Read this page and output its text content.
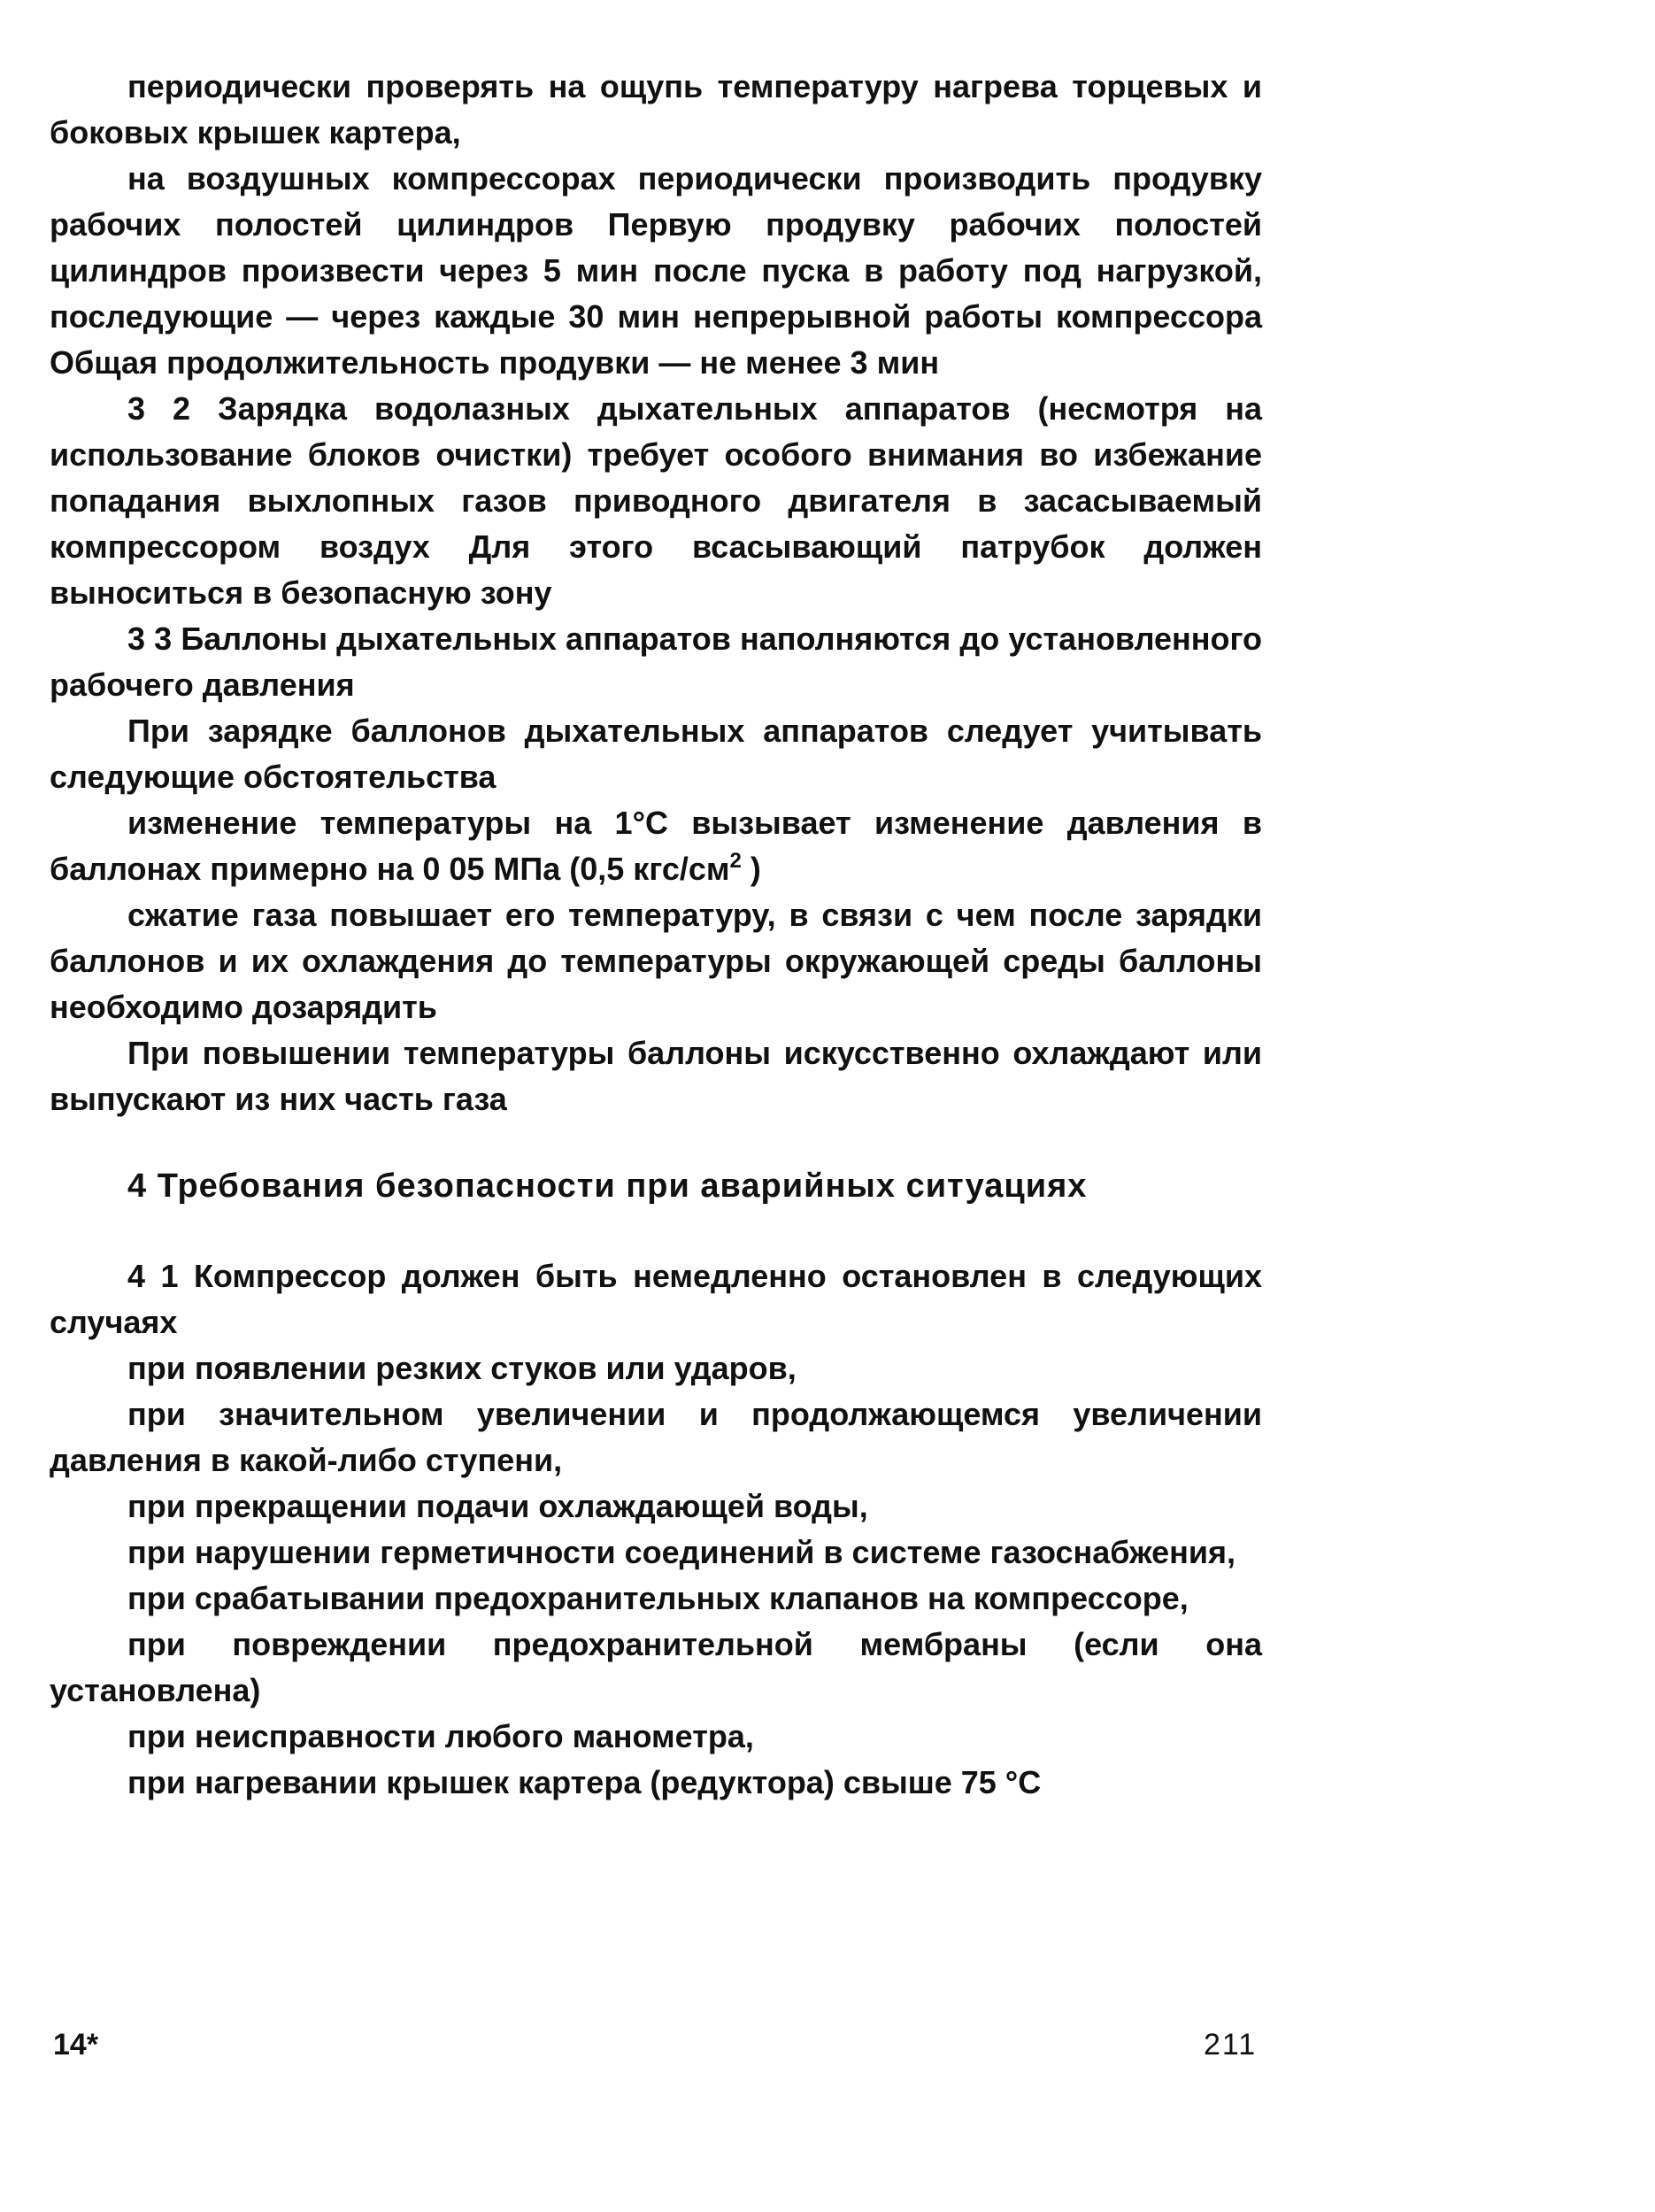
периодически проверять на ощупь температуру нагрева торцевых и боковых крышек картера,

на воздушных компрессорах периодически производить продувку рабочих полостей цилиндров Первую продувку рабочих полостей цилиндров произвести через 5 мин после пуска в работу под нагрузкой, последующие — через каждые 30 мин непрерывной работы компрессора Общая продолжительность продувки — не менее 3 мин

3 2 Зарядка водолазных дыхательных аппаратов (несмотря на использование блоков очистки) требует особого внимания во избежание попадания выхлопных газов приводного двигателя в засасываемый компрессором воздух Для этого всасывающий патрубок должен выноситься в безопасную зону

3 3 Баллоны дыхательных аппаратов наполняются до установленного рабочего давления

При зарядке баллонов дыхательных аппаратов следует учитывать следующие обстоятельства

изменение температуры на 1°С вызывает изменение давления в баллонах примерно на 0 05 МПа (0,5 кгс/$см^2$ )

сжатие газа повышает его температуру, в связи с чем после зарядки баллонов и их охлаждения до температуры окружающей среды баллоны необходимо дозарядить

При повышении температуры баллоны искусственно охлаждают или выпускают из них часть газа

4 Требования безопасности при аварийных ситуациях

4 1 Компрессор должен быть немедленно остановлен в следующих случаях

при появлении резких стуков или ударов,

при значительном увеличении и продолжающемся увеличении давления в какой-либо ступени,

при прекращении подачи охлаждающей воды,

при нарушении герметичности соединений в системе газоснабжения,

при срабатывании предохранительных клапанов на компрессоре,

при повреждении предохранительной мембраны (если она установлена)

при неисправности любого манометра,

при нагревании крышек картера (редуктора) свыше 75 °С

14*	211
